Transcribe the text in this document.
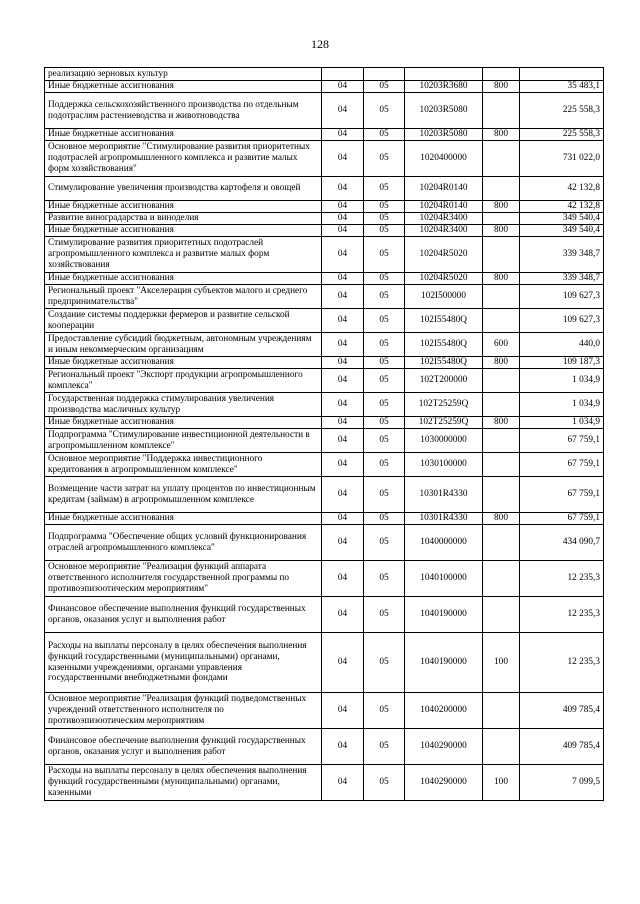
128
реализацию зерновых культур					
Иные бюджетные ассигнования	04	05	10203R3680	800	35 483,1
Поддержка сельскохозяйственного производства по отдельным подотраслям растениеводства и животноводства	04	05	10203R5080		225 558,3
Иные бюджетные ассигнования	04	05	10203R5080	800	225 558,3
Основное мероприятие "Стимулирование развития приоритетных подотраслей агропромышленного комплекса и развитие малых форм хозяйствования"	04	05	1020400000		731 022,0
Стимулирование увеличения производства картофеля и овощей	04	05	10204R0140		42 132,8
Иные бюджетные ассигнования	04	05	10204R0140	800	42 132,8
Развитие виноградарства и виноделия	04	05	10204R3400		349 540,4
Иные бюджетные ассигнования	04	05	10204R3400	800	349 540,4
Стимулирование развития приоритетных подотраслей агропромышленного комплекса и развитие малых форм хозяйствования	04	05	10204R5020		339 348,7
Иные бюджетные ассигнования	04	05	10204R5020	800	339 348,7
Региональный проект "Акселерация субъектов малого и среднего предпринимательства"	04	05	102I500000		109 627,3
Создание системы поддержки фермеров и развитие сельской кооперации	04	05	102I55480Q		109 627,3
Предоставление субсидий бюджетным, автономным учреждениям и иным некоммерческим организациям	04	05	102I55480Q	600	440,0
Иные бюджетные ассигнования	04	05	102I55480Q	800	109 187,3
Региональный проект "Экспорт продукции агропромышленного комплекса"	04	05	102T200000		1 034,9
Государственная поддержка стимулирования увеличения производства масличных культур	04	05	102T25259Q		1 034,9
Иные бюджетные ассигнования	04	05	102T25259Q	800	1 034,9
Подпрограмма "Стимулирование инвестиционной деятельности в агропромышленном комплексе"	04	05	1030000000		67 759,1
Основное мероприятие "Поддержка инвестиционного кредитования в агропромышленном комплексе"	04	05	1030100000		67 759,1
Возмещение части затрат на уплату процентов по инвестиционным кредитам (займам) в агропромышленном комплексе	04	05	10301R4330		67 759,1
Иные бюджетные ассигнования	04	05	10301R4330	800	67 759,1
Подпрограмма "Обеспечение общих условий функционирования отраслей агропромышленного комплекса"	04	05	1040000000		434 090,7
Основное мероприятие "Реализация функций аппарата ответственного исполнителя государственной программы по противоэпизоотическим мероприятиям"	04	05	1040100000		12 235,3
Финансовое обеспечение выполнения функций государственных органов, оказания услуг и выполнения работ	04	05	1040190000		12 235,3
Расходы на выплаты персоналу в целях обеспечения выполнения функций государственными (муниципальными) органами, казенными учреждениями, органами управления государственными внебюджетными фондами	04	05	1040190000	100	12 235,3
Основное мероприятие "Реализация функций подведомственных учреждений ответственного исполнителя по противоэпизоотическим мероприятиям	04	05	1040200000		409 785,4
Финансовое обеспечение выполнения функций государственных органов, оказания услуг и выполнения работ	04	05	1040290000		409 785,4
Расходы на выплаты персоналу в целях обеспечения выполнения функций государственными (муниципальными) органами, казенными	04	05	1040290000	100	7 099,5
